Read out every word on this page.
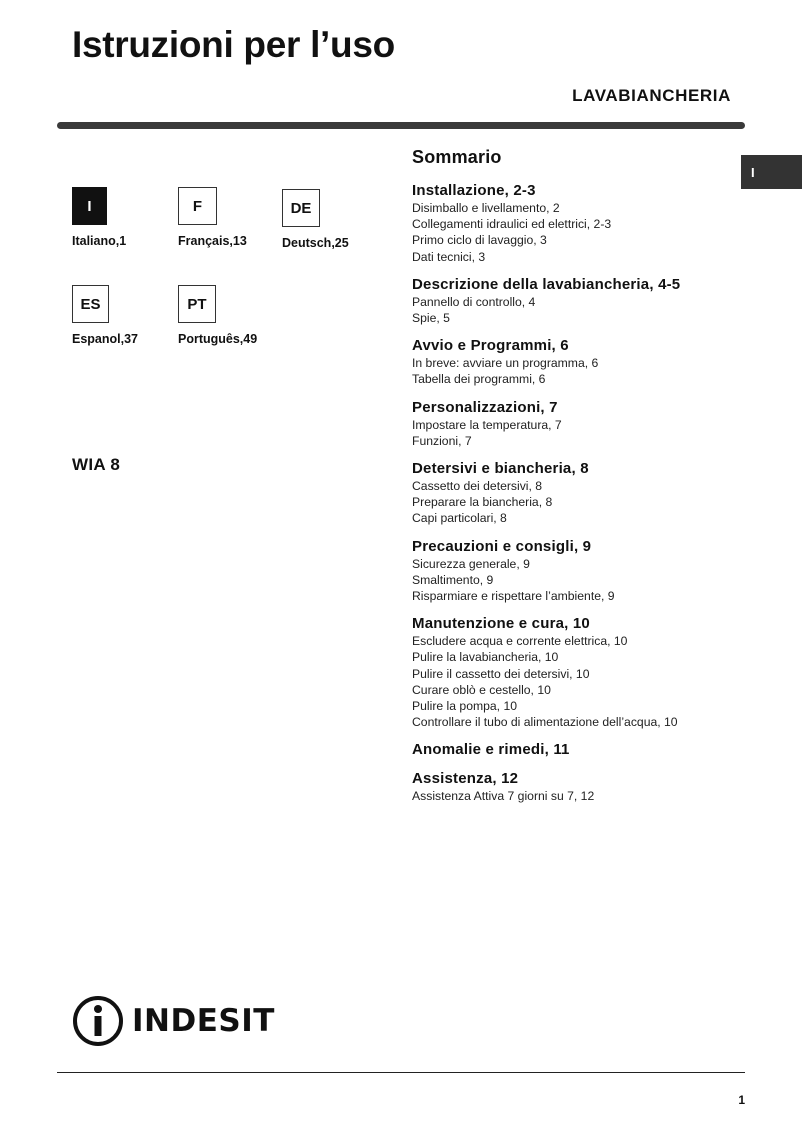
Istruzioni per l’uso
LAVABIANCHERIA
I
I
Italiano,1
F
Français,13
DE
Deutsch,25
ES
Espanol,37
PT
Português,49
WIA 8
Sommario
Installazione, 2-3
Disimballo e livellamento, 2
Collegamenti idraulici ed elettrici, 2-3
Primo ciclo di lavaggio, 3
Dati tecnici, 3
Descrizione della lavabiancheria, 4-5
Pannello di controllo, 4
Spie, 5
Avvio e Programmi, 6
In breve: avviare un programma, 6
Tabella dei programmi, 6
Personalizzazioni, 7
Impostare la temperatura, 7
Funzioni, 7
Detersivi e biancheria, 8
Cassetto dei detersivi, 8
Preparare la biancheria, 8
Capi particolari, 8
Precauzioni e consigli, 9
Sicurezza generale, 9
Smaltimento, 9
Risparmiare e rispettare l’ambiente, 9
Manutenzione e cura, 10
Escludere acqua e corrente elettrica, 10
Pulire la lavabiancheria, 10
Pulire il cassetto dei detersivi, 10
Curare oblò e cestello, 10
Pulire la pompa, 10
Controllare il tubo di alimentazione dell’acqua, 10
Anomalie e rimedi, 11
Assistenza, 12
Assistenza Attiva 7 giorni su 7, 12
INDESIT
1
